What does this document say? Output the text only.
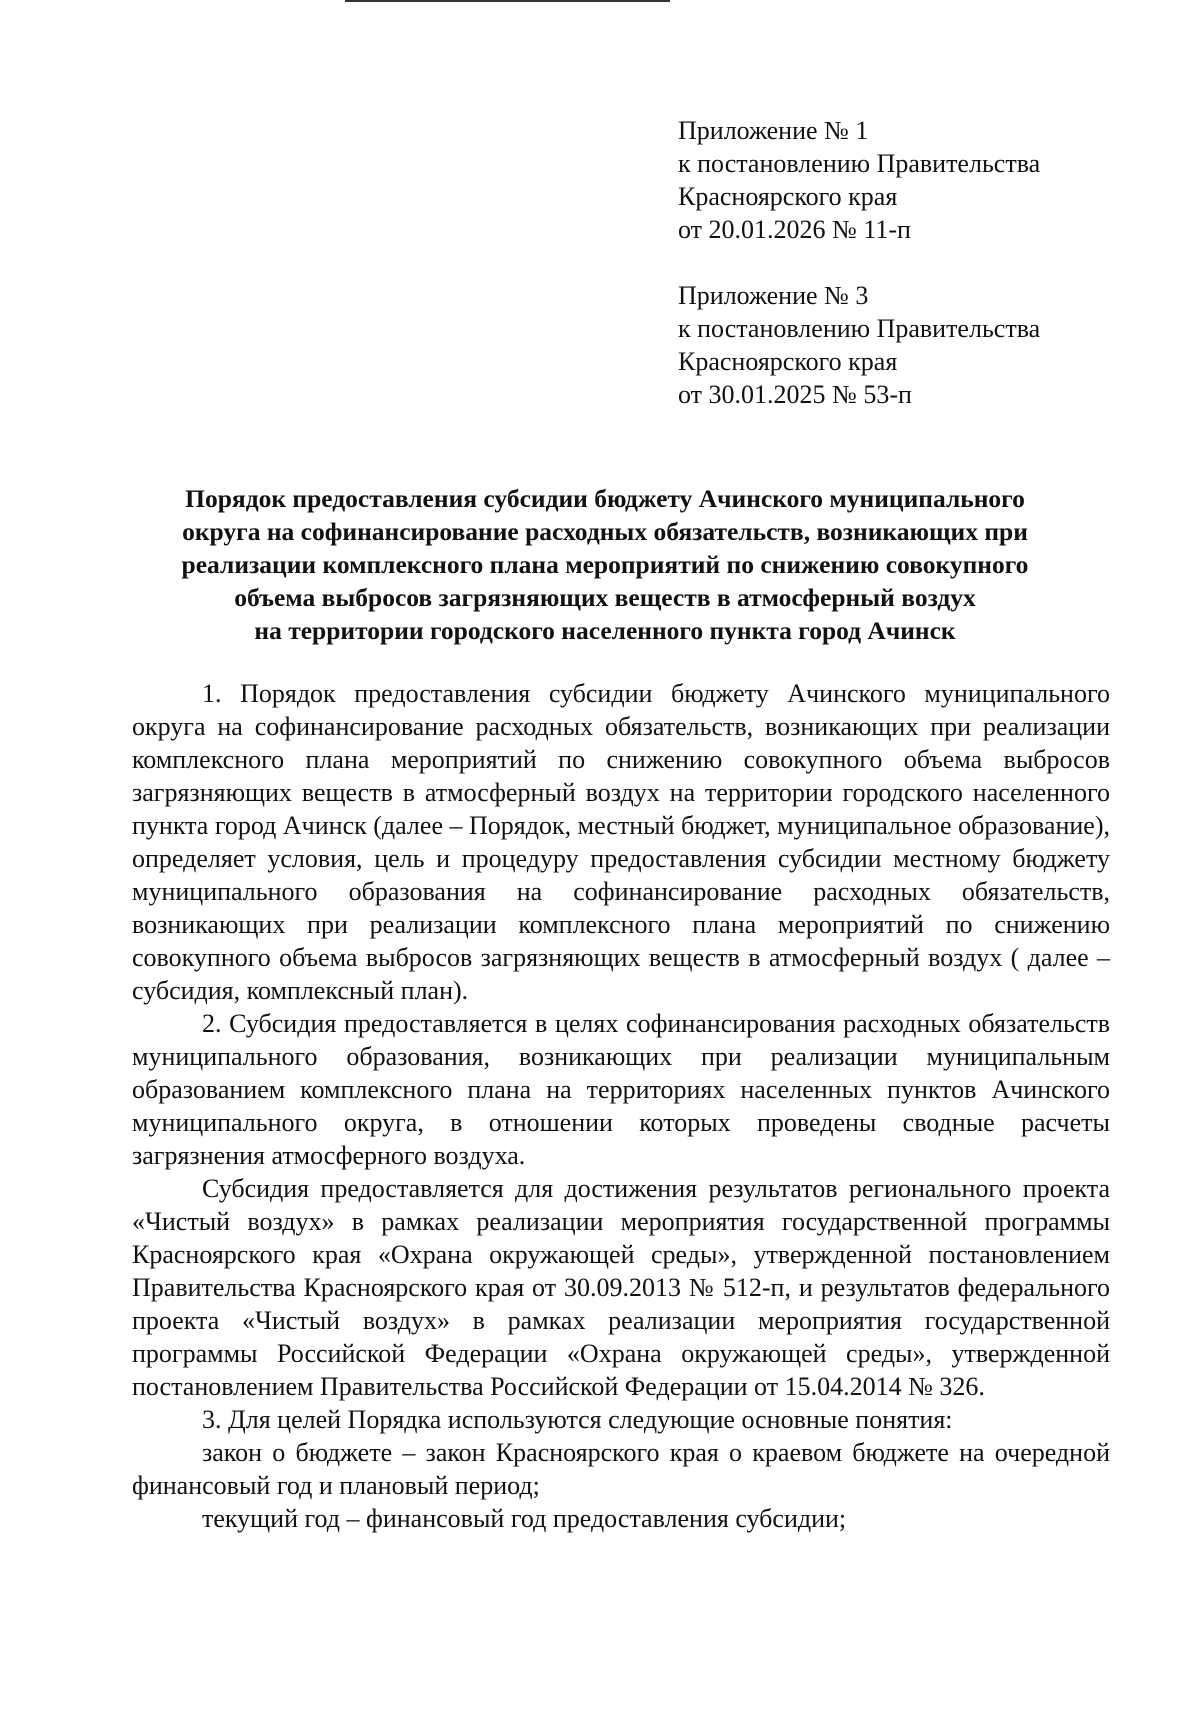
Приложение № 1
к постановлению Правительства
Красноярского края
от 20.01.2026 № 11-п
Приложение № 3
к постановлению Правительства
Красноярского края
от 30.01.2025 № 53-п
Порядок предоставления субсидии бюджету Ачинского муниципального
округа на софинансирование расходных обязательств, возникающих при
реализации комплексного плана мероприятий по снижению совокупного
объема выбросов загрязняющих веществ в атмосферный воздух
на территории городского населенного пункта город Ачинск

1. Порядок предоставления субсидии бюджету Ачинского муниципального округа на софинансирование расходных обязательств, возникающих при реализации комплексного плана мероприятий по снижению совокупного объема выбросов загрязняющих веществ в атмосферный воздух на территории городского населенного пункта город Ачинск (далее – Порядок, местный бюджет, муниципальное образование), определяет условия, цель и процедуру предоставления субсидии местному бюджету муниципального образования на софинансирование расходных обязательств, возникающих при реализации комплексного плана мероприятий по снижению совокупного объема выбросов загрязняющих веществ в атмосферный воздух ( далее – субсидия, комплексный план).

2. Субсидия предоставляется в целях софинансирования расходных обязательств муниципального образования, возникающих при реализации муниципальным образованием комплексного плана на территориях населенных пунктов Ачинского муниципального округа, в отношении которых проведены сводные расчеты загрязнения атмосферного воздуха.

Субсидия предоставляется для достижения результатов регионального проекта «Чистый воздух» в рамках реализации мероприятия государственной программы Красноярского края «Охрана окружающей среды», утвержденной постановлением Правительства Красноярского края от 30.09.2013 № 512-п, и результатов федерального проекта «Чистый воздух» в рамках реализации мероприятия государственной программы Российской Федерации «Охрана окружающей среды», утвержденной постановлением Правительства Российской Федерации от 15.04.2014 № 326.

3. Для целей Порядка используются следующие основные понятия:

закон о бюджете – закон Красноярского края о краевом бюджете на очередной финансовый год и плановый период;

текущий год – финансовый год предоставления субсидии;
